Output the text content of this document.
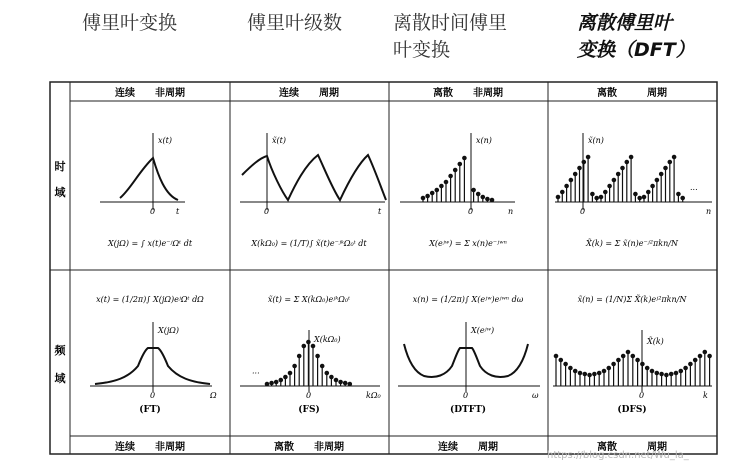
傅里叶变换	傅里叶级数	离散时间傅里
叶变换
离散傅里叶
变换（DFT）
连续　　非周期	连续　　周期	离散　　非周期	离散　　　周期
连续　　非周期	离散　　非周期	连续　　周期	离散　　　周期
时
域
频
域
x(t)
0	t
X(jΩ) = ∫ x(t)e⁻ʲΩᵗ dt
x̃(t)
0	t
X(kΩ₀) = (1/T)∫ x̃(t)e⁻ʲᵏΩ₀ᵗ dt
x(n)
0	n
X(eʲʷ) = Σ x(n)e⁻ʲʷⁿ
x̃(n)
0	n
...
X̃(k) = Σ x̃(n)e⁻ʲ²πkn/N
x(t) = (1/2π)∫ X(jΩ)eʲΩᵗ dΩ
X(jΩ)
0	Ω
(FT)
x̃(t) = Σ X(kΩ₀)eʲᵏΩ₀ᵗ
X(kΩ₀)
0	kΩ₀
···
(FS)
x(n) = (1/2π)∫ X(eʲʷ)eʲʷⁿ dω
X(eʲʷ)
0	ω
(DTFT)
x̃(n) = (1/N)Σ X̃(k)eʲ²πkn/N
X̃(k)
0	k
(DFS)
https://blog.csdn.net/Wu_la_
